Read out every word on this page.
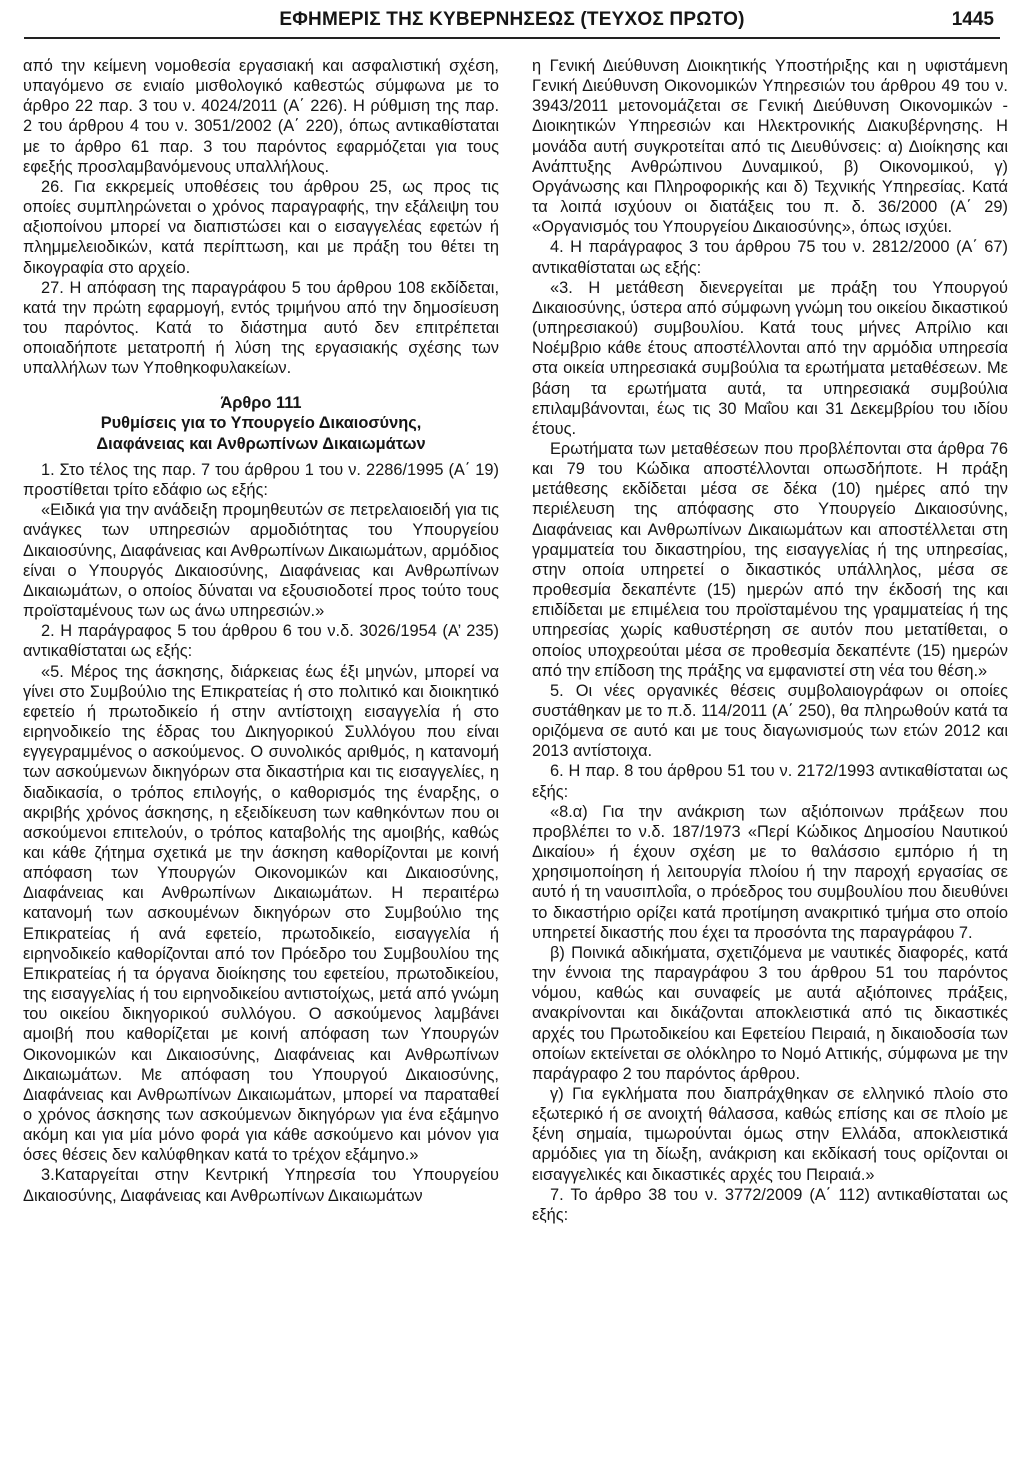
ΕΦΗΜΕΡΙΣ ΤΗΣ ΚΥΒΕΡΝΗΣΕΩΣ (ΤΕΥΧΟΣ ΠΡΩΤΟ)	1445

από την κείμενη νομοθεσία εργασιακή και ασφαλιστική σχέση, υπαγόμενο σε ενιαίο μισθολογικό καθεστώς σύμφωνα με το άρθρο 22 παρ. 3 του ν. 4024/2011 (Α΄ 226). Η ρύθμιση της παρ. 2 του άρθρου 4 του ν. 3051/2002 (Α΄ 220), όπως αντικαθίσταται με το άρθρο 61 παρ. 3 του παρόντος εφαρμόζεται για τους εφεξής προσλαμβανόμενους υπαλλήλους.

26. Για εκκρεμείς υποθέσεις του άρθρου 25, ως προς τις οποίες συμπληρώνεται ο χρόνος παραγραφής, την εξάλειψη του αξιοποίνου μπορεί να διαπιστώσει και ο εισαγγελέας εφετών ή πλημμελειοδικών, κατά περίπτωση, και με πράξη του θέτει τη δικογραφία στο αρχείο.

27. Η απόφαση της παραγράφου 5 του άρθρου 108 εκδίδεται, κατά την πρώτη εφαρμογή, εντός τριμήνου από την δημοσίευση του παρόντος. Κατά το διάστημα αυτό δεν επιτρέπεται οποιαδήποτε μετατροπή ή λύση της εργασιακής σχέσης των υπαλλήλων των Υποθηκοφυλακείων.

Άρθρο 111
Ρυθμίσεις για το Υπουργείο Δικαιοσύνης,
Διαφάνειας και Ανθρωπίνων Δικαιωμάτων

1. Στο τέλος της παρ. 7 του άρθρου 1 του ν. 2286/1995 (Α΄ 19) προστίθεται τρίτο εδάφιο ως εξής:

«Ειδικά για την ανάδειξη προμηθευτών σε πετρελαιοειδή για τις ανάγκες των υπηρεσιών αρμοδιότητας του Υπουργείου Δικαιοσύνης, Διαφάνειας και Ανθρωπίνων Δικαιωμάτων, αρμόδιος είναι ο Υπουργός Δικαιοσύνης, Διαφάνειας και Ανθρωπίνων Δικαιωμάτων, ο οποίος δύναται να εξουσιοδοτεί προς τούτο τους προϊσταμένους των ως άνω υπηρεσιών.»

2. Η παράγραφος 5 του άρθρου 6 του ν.δ. 3026/1954 (Α’ 235) αντικαθίσταται ως εξής:

«5. Μέρος της άσκησης, διάρκειας έως έξι μηνών, μπορεί να γίνει στο Συμβούλιο της Επικρατείας ή στο πολιτικό και διοικητικό εφετείο ή πρωτοδικείο ή στην αντίστοιχη εισαγγελία ή στο ειρηνοδικείο της έδρας του Δικηγορικού Συλλόγου που είναι εγγεγραμμένος ο ασκούμενος. Ο συνολικός αριθμός, η κατανομή των ασκούμενων δικηγόρων στα δικαστήρια και τις εισαγγελίες, η διαδικασία, ο τρόπος επιλογής, ο καθορισμός της έναρξης, ο ακριβής χρόνος άσκησης, η εξειδίκευση των καθηκόντων που οι ασκούμενοι επιτελούν, ο τρόπος καταβολής της αμοιβής, καθώς και κάθε ζήτημα σχετικά με την άσκηση καθορίζονται με κοινή απόφαση των Υπουργών Οικονομικών και Δικαιοσύνης, Διαφάνειας και Ανθρωπίνων Δικαιωμάτων. Η περαιτέρω κατανομή των ασκουμένων δικηγόρων στο Συμβούλιο της Επικρατείας ή ανά εφετείο, πρωτοδικείο, εισαγγελία ή ειρηνοδικείο καθορίζονται από τον Πρόεδρο του Συμβουλίου της Επικρατείας ή τα όργανα διοίκησης του εφετείου, πρωτοδικείου, της εισαγγελίας ή του ειρηνοδικείου αντιστοίχως, μετά από γνώμη του οικείου δικηγορικού συλλόγου. Ο ασκούμενος λαμβάνει αμοιβή που καθορίζεται με κοινή απόφαση των Υπουργών Οικονομικών και Δικαιοσύνης, Διαφάνειας και Ανθρωπίνων Δικαιωμάτων. Με απόφαση του Υπουργού Δικαιοσύνης, Διαφάνειας και Ανθρωπίνων Δικαιωμάτων, μπορεί να παραταθεί ο χρόνος άσκησης των ασκούμενων δικηγόρων για ένα εξάμηνο ακόμη και για μία μόνο φορά για κάθε ασκούμενο και μόνον για όσες θέσεις δεν καλύφθηκαν κατά το τρέχον εξάμηνο.»

3.Καταργείται στην Κεντρική Υπηρεσία του Υπουργείου Δικαιοσύνης, Διαφάνειας και Ανθρωπίνων Δικαιωμάτων

η Γενική Διεύθυνση Διοικητικής Υποστήριξης και η υφιστάμενη Γενική Διεύθυνση Οικονομικών Υπηρεσιών του άρθρου 49 του ν. 3943/2011 μετονομάζεται σε Γενική Διεύθυνση Οικονομικών - Διοικητικών Υπηρεσιών και Ηλεκτρονικής Διακυβέρνησης. Η μονάδα αυτή συγκροτείται από τις Διευθύνσεις: α) Διοίκησης και Ανάπτυξης Ανθρώπινου Δυναμικού, β) Οικονομικού, γ) Οργάνωσης και Πληροφορικής και δ) Τεχνικής Υπηρεσίας. Κατά τα λοιπά ισχύουν οι διατάξεις του π. δ. 36/2000 (Α΄ 29) «Οργανισμός του Υπουργείου Δικαιοσύνης», όπως ισχύει.

4. Η παράγραφος 3 του άρθρου 75 του ν. 2812/2000 (Α΄ 67) αντικαθίσταται ως εξής:

«3. Η μετάθεση διενεργείται με πράξη του Υπουργού Δικαιοσύνης, ύστερα από σύμφωνη γνώμη του οικείου δικαστικού (υπηρεσιακού) συμβουλίου. Κατά τους μήνες Απρίλιο και Νοέμβριο κάθε έτους αποστέλλονται από την αρμόδια υπηρεσία στα οικεία υπηρεσιακά συμβούλια τα ερωτήματα μεταθέσεων. Με βάση τα ερωτήματα αυτά, τα υπηρεσιακά συμβούλια επιλαμβάνονται, έως τις 30 Μαΐου και 31 Δεκεμβρίου του ιδίου έτους.

Ερωτήματα των μεταθέσεων που προβλέπονται στα άρθρα 76 και 79 του Κώδικα αποστέλλονται οπωσδήποτε. Η πράξη μετάθεσης εκδίδεται μέσα σε δέκα (10) ημέρες από την περιέλευση της απόφασης στο Υπουργείο Δικαιοσύνης, Διαφάνειας και Ανθρωπίνων Δικαιωμάτων και αποστέλλεται στη γραμματεία του δικαστηρίου, της εισαγγελίας ή της υπηρεσίας, στην οποία υπηρετεί ο δικαστικός υπάλληλος, μέσα σε προθεσμία δεκαπέντε (15) ημερών από την έκδοσή της και επιδίδεται με επιμέλεια του προϊσταμένου της γραμματείας ή της υπηρεσίας χωρίς καθυστέρηση σε αυτόν που μετατίθεται, ο οποίος υποχρεούται μέσα σε προθεσμία δεκαπέντε (15) ημερών από την επίδοση της πράξης να εμφανιστεί στη νέα του θέση.»

5. Οι νέες οργανικές θέσεις συμβολαιογράφων οι οποίες συστάθηκαν με το π.δ. 114/2011 (Α΄ 250), θα πληρωθούν κατά τα οριζόμενα σε αυτό και με τους διαγωνισμούς των ετών 2012 και 2013 αντίστοιχα.

6. Η παρ. 8 του άρθρου 51 του ν. 2172/1993 αντικαθίσταται ως εξής:

«8.α) Για την ανάκριση των αξιόποινων πράξεων που προβλέπει το ν.δ. 187/1973 «Περί Κώδικος Δημοσίου Ναυτικού Δικαίου» ή έχουν σχέση με το θαλάσσιο εμπόριο ή τη χρησιμοποίηση ή λειτουργία πλοίου ή την παροχή εργασίας σε αυτό ή τη ναυσιπλοΐα, ο πρόεδρος του συμβουλίου που διευθύνει το δικαστήριο ορίζει κατά προτίμηση ανακριτικό τμήμα στο οποίο υπηρετεί δικαστής που έχει τα προσόντα της παραγράφου 7.

β) Ποινικά αδικήματα, σχετιζόμενα με ναυτικές διαφορές, κατά την έννοια της παραγράφου 3 του άρθρου 51 του παρόντος νόμου, καθώς και συναφείς με αυτά αξιόποινες πράξεις, ανακρίνονται και δικάζονται αποκλειστικά από τις δικαστικές αρχές του Πρωτοδικείου και Εφετείου Πειραιά, η δικαιοδοσία των οποίων εκτείνεται σε ολόκληρο το Νομό Αττικής, σύμφωνα με την παράγραφο 2 του παρόντος άρθρου.

γ) Για εγκλήματα που διαπράχθηκαν σε ελληνικό πλοίο στο εξωτερικό ή σε ανοιχτή θάλασσα, καθώς επίσης και σε πλοίο με ξένη σημαία, τιμωρούνται όμως στην Ελλάδα, αποκλειστικά αρμόδιες για τη δίωξη, ανάκριση και εκδίκασή τους ορίζονται οι εισαγγελικές και δικαστικές αρχές του Πειραιά.»

7. Το άρθρο 38 του ν. 3772/2009 (Α΄ 112) αντικαθίσταται ως εξής:
